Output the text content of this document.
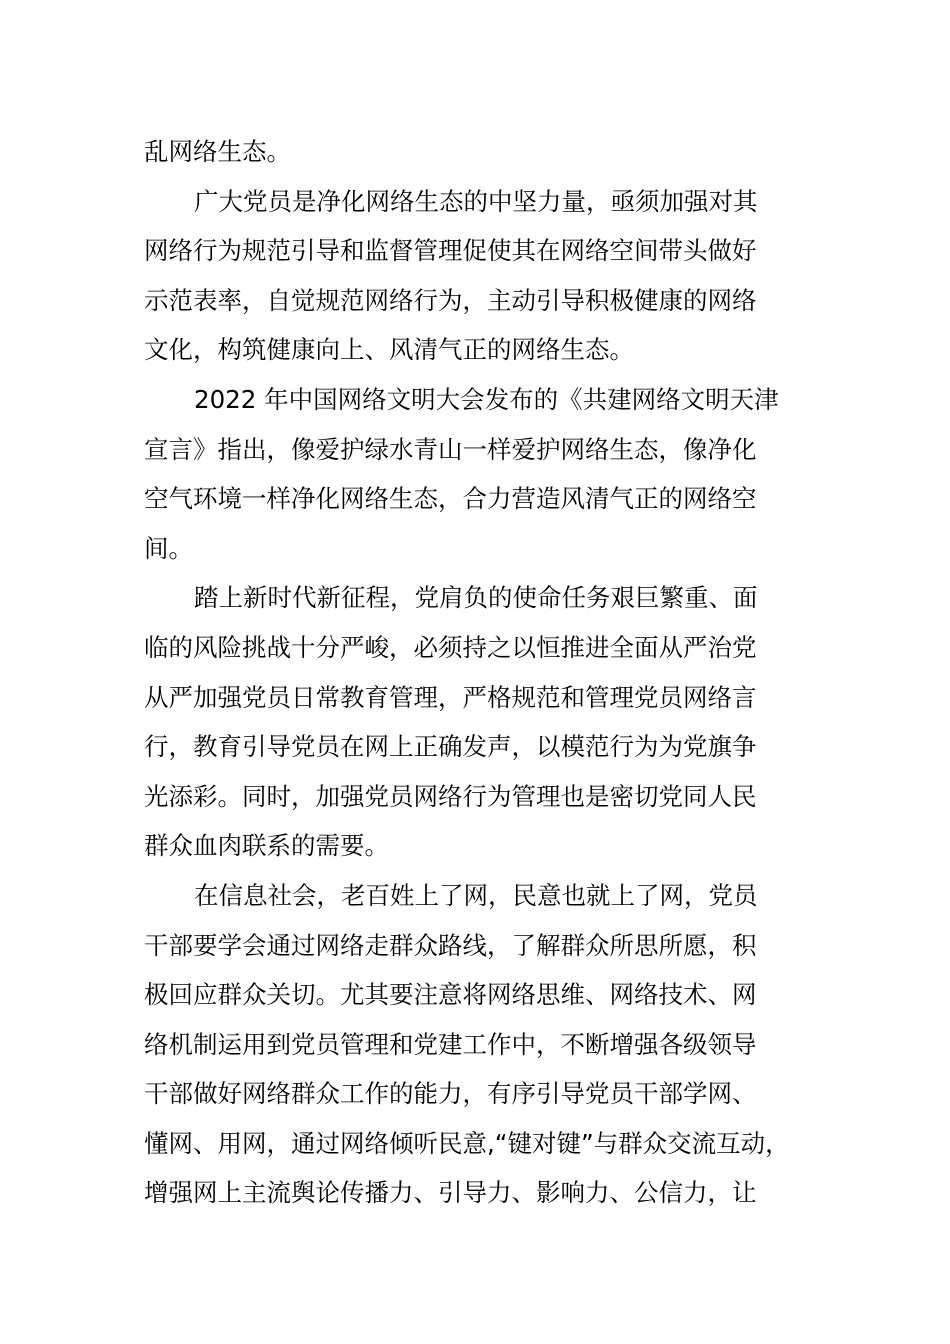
乱网络生态。
广大党员是净化网络生态的中坚力量，亟须加强对其
网络行为规范引导和监督管理促使其在网络空间带头做好
示范表率，自觉规范网络行为，主动引导积极健康的网络
文化，构筑健康向上、风清气正的网络生态。
2022 年中国网络文明大会发布的《共建网络文明天津
宣言》指出，像爱护绿水青山一样爱护网络生态，像净化
空气环境一样净化网络生态，合力营造风清气正的网络空
间。
踏上新时代新征程，党肩负的使命任务艰巨繁重、面
临的风险挑战十分严峻，必须持之以恒推进全面从严治党
从严加强党员日常教育管理，严格规范和管理党员网络言
行，教育引导党员在网上正确发声，以模范行为为党旗争
光添彩。同时，加强党员网络行为管理也是密切党同人民
群众血肉联系的需要。
在信息社会，老百姓上了网，民意也就上了网，党员
干部要学会通过网络走群众路线，了解群众所思所愿，积
极回应群众关切。尤其要注意将网络思维、网络技术、网
络机制运用到党员管理和党建工作中，不断增强各级领导
干部做好网络群众工作的能力，有序引导党员干部学网、
懂网、用网，通过网络倾听民意,“键对键”与群众交流互动，
增强网上主流舆论传播力、引导力、影响力、公信力，让
